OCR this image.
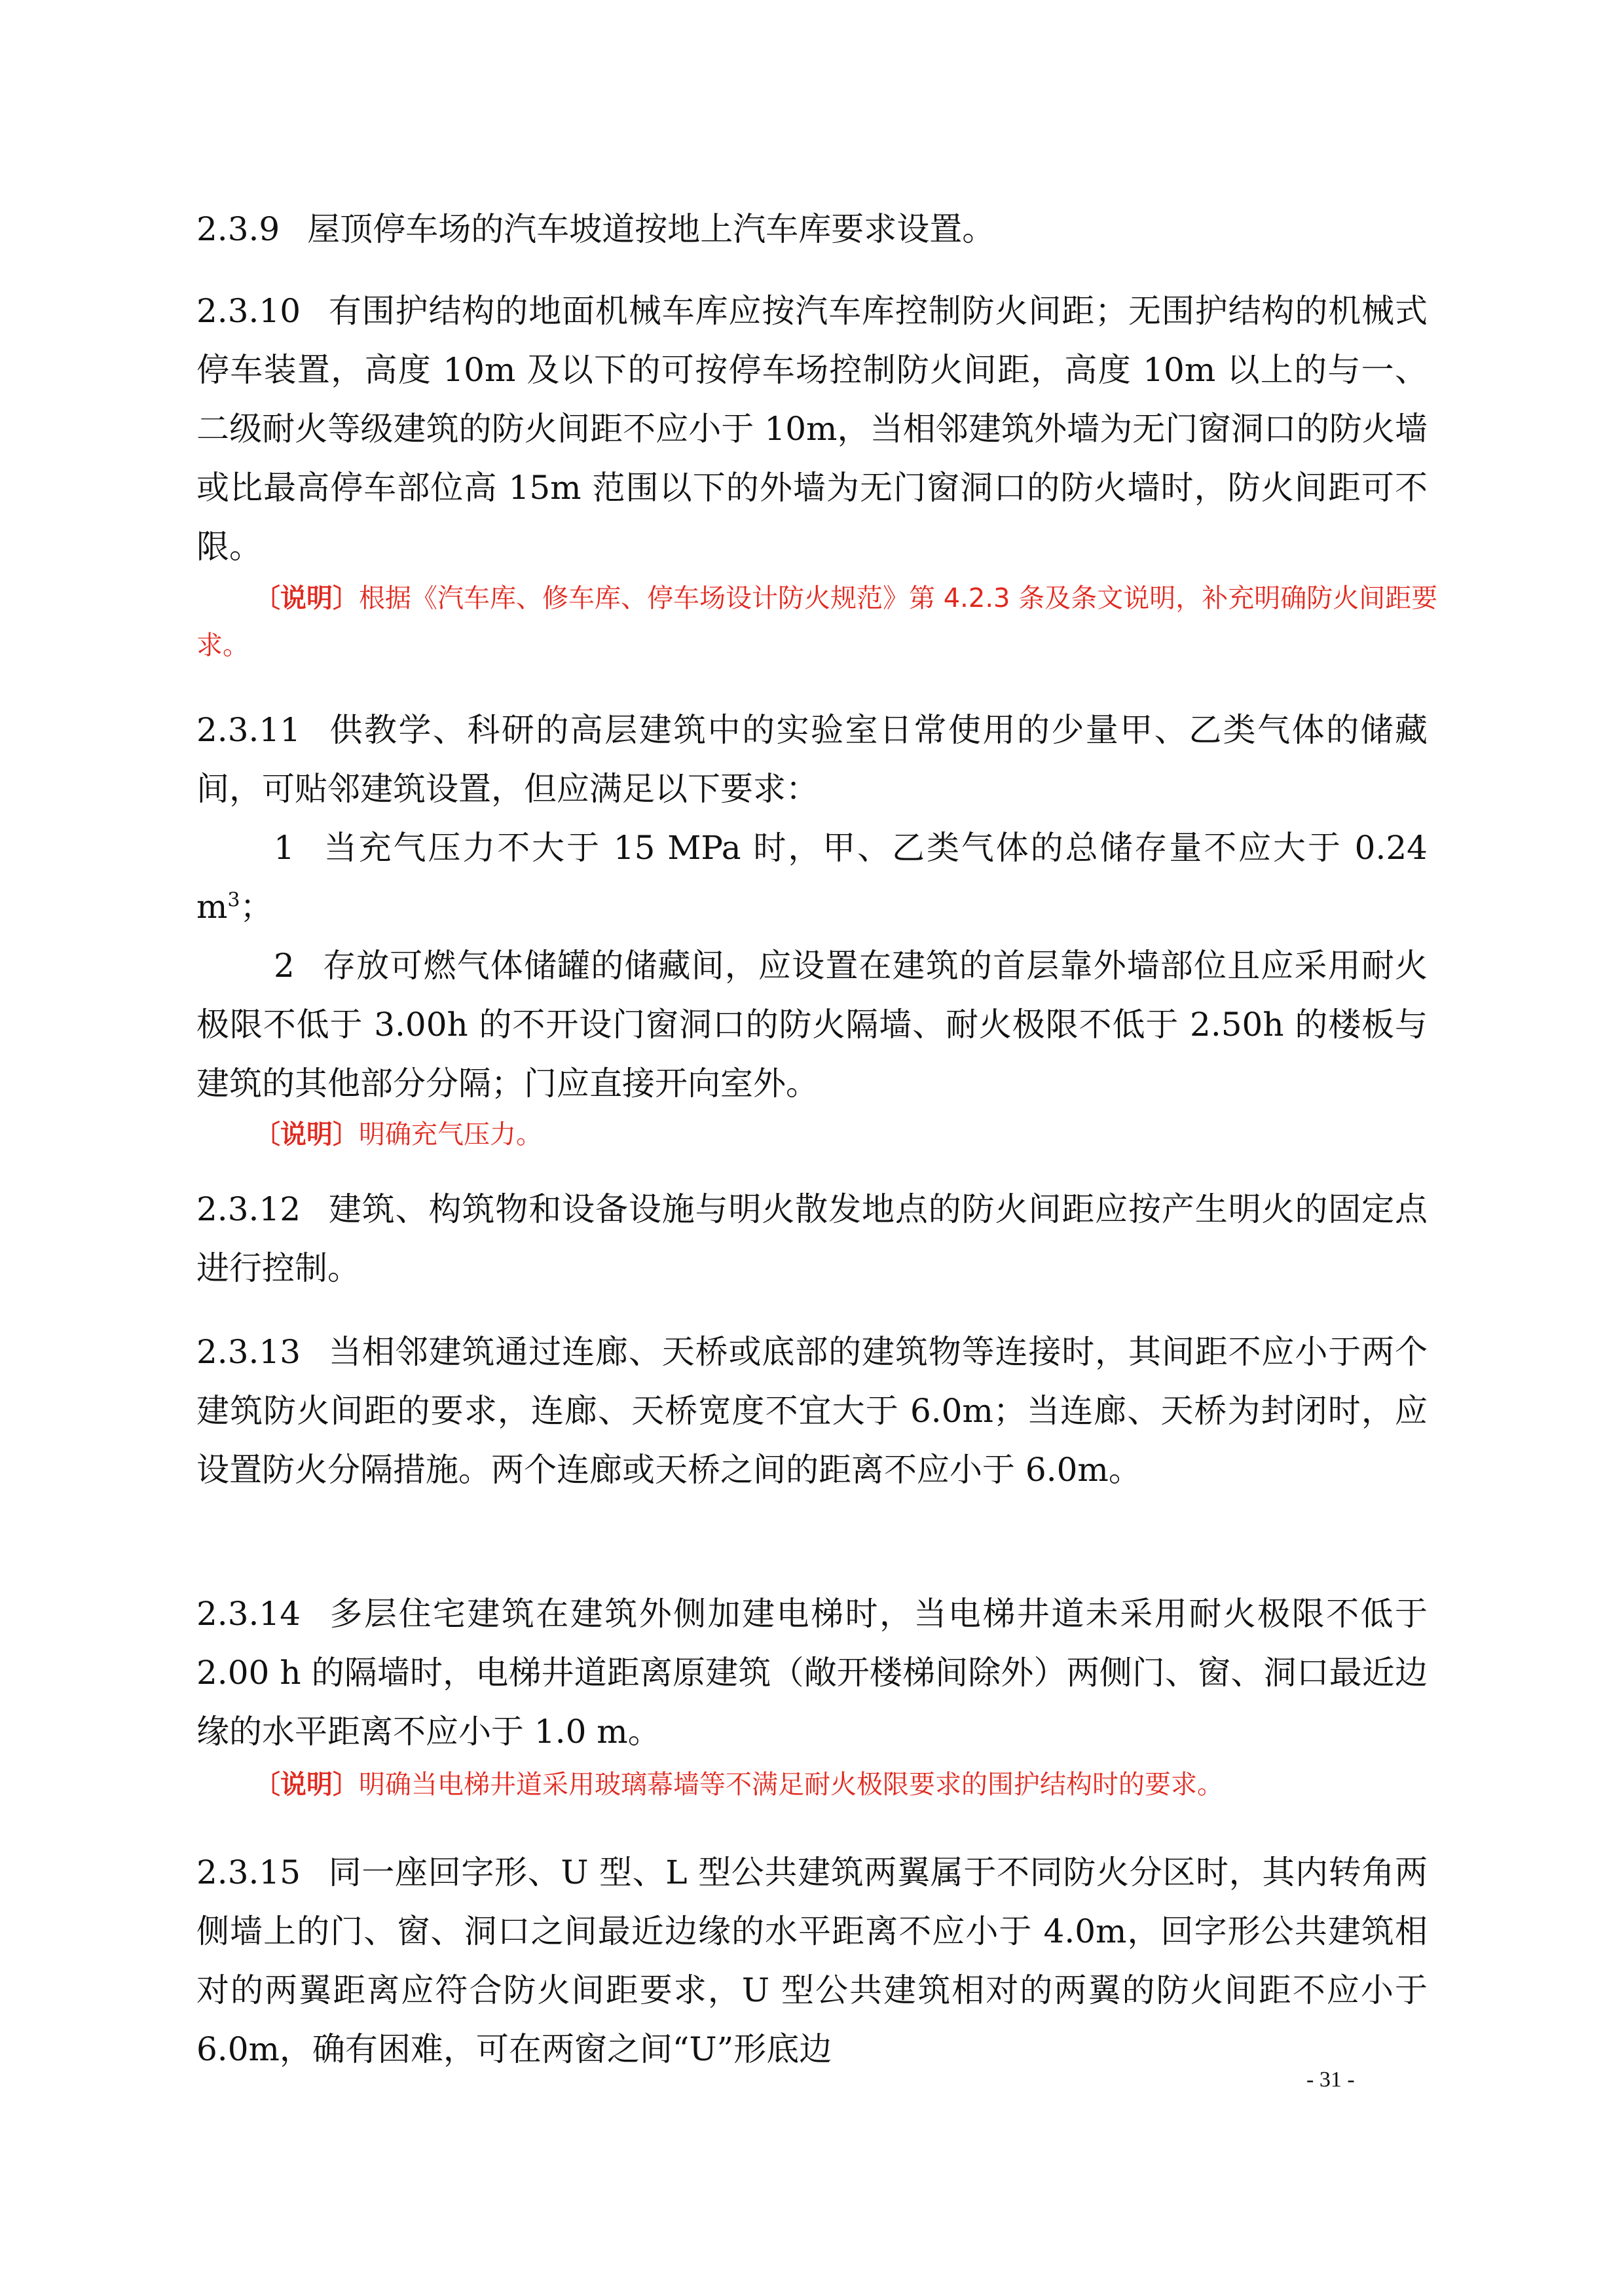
2.3.9 屋顶停车场的汽车坡道按地上汽车库要求设置。

2.3.10 有围护结构的地面机械车库应按汽车库控制防火间距；无围护结构的机械式停车装置，高度 10m 及以下的可按停车场控制防火间距，高度 10m 以上的与一、二级耐火等级建筑的防火间距不应小于 10m，当相邻建筑外墙为无门窗洞口的防火墙或比最高停车部位高 15m 范围以下的外墙为无门窗洞口的防火墙时，防火间距可不限。

〔说明〕根据《汽车库、修车库、停车场设计防火规范》第 4.2.3 条及条文说明，补充明确防火间距要求。

2.3.11 供教学、科研的高层建筑中的实验室日常使用的少量甲、乙类气体的储藏间，可贴邻建筑设置，但应满足以下要求：

1 当充气压力不大于 15 MPa 时，甲、乙类气体的总储存量不应大于 0.24 $m^3$；

2 存放可燃气体储罐的储藏间，应设置在建筑的首层靠外墙部位且应采用耐火极限不低于 3.00h 的不开设门窗洞口的防火隔墙、耐火极限不低于 2.50h 的楼板与建筑的其他部分分隔；门应直接开向室外。

〔说明〕明确充气压力。

2.3.12 建筑、构筑物和设备设施与明火散发地点的防火间距应按产生明火的固定点进行控制。

2.3.13 当相邻建筑通过连廊、天桥或底部的建筑物等连接时，其间距不应小于两个建筑防火间距的要求，连廊、天桥宽度不宜大于 6.0m；当连廊、天桥为封闭时，应设置防火分隔措施。两个连廊或天桥之间的距离不应小于 6.0m。

2.3.14 多层住宅建筑在建筑外侧加建电梯时，当电梯井道未采用耐火极限不低于 2.00 h 的隔墙时，电梯井道距离原建筑（敞开楼梯间除外）两侧门、窗、洞口最近边缘的水平距离不应小于 1.0 m。

〔说明〕明确当电梯井道采用玻璃幕墙等不满足耐火极限要求的围护结构时的要求。

2.3.15 同一座回字形、U 型、L 型公共建筑两翼属于不同防火分区时，其内转角两侧墙上的门、窗、洞口之间最近边缘的水平距离不应小于 4.0m，回字形公共建筑相对的两翼距离应符合防火间距要求，U 型公共建筑相对的两翼的防火间距不应小于 6.0m，确有困难，可在两窗之间“U”形底边

- 31 -
